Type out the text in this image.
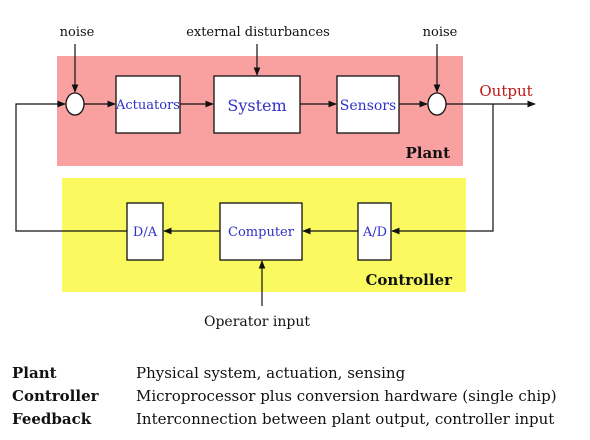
noise	external disturbances	noise
Output
Actuators	System	Sensors
Plant
D/A	Computer	A/D
Controller
Operator input
Plant	Physical system, actuation, sensing
Controller Microprocessor plus conversion hardware (single chip)
Feedback	Interconnection between plant output, controller input
